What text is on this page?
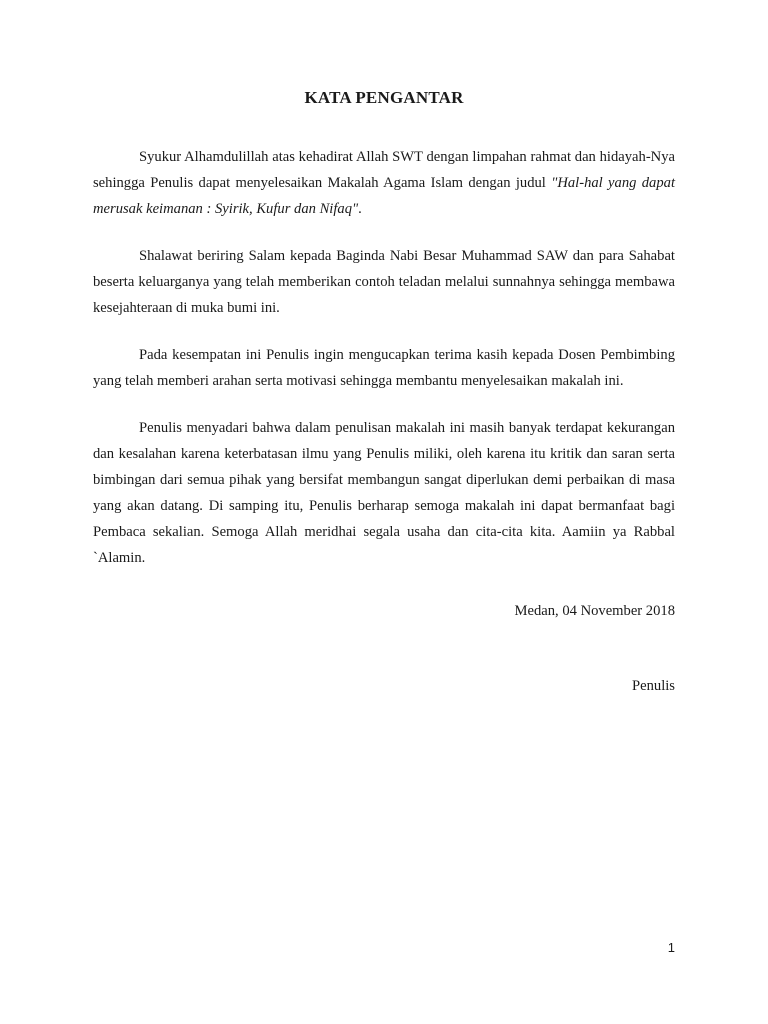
KATA PENGANTAR

Syukur Alhamdulillah atas kehadirat Allah SWT dengan limpahan rahmat dan hidayah-Nya sehingga Penulis dapat menyelesaikan Makalah Agama Islam dengan judul "Hal-hal yang dapat merusak keimanan : Syirik, Kufur dan Nifaq".

Shalawat beriring Salam kepada Baginda Nabi Besar Muhammad SAW dan para Sahabat beserta keluarganya yang telah memberikan contoh teladan melalui sunnahnya sehingga membawa kesejahteraan di muka bumi ini.

Pada kesempatan ini Penulis ingin mengucapkan terima kasih kepada Dosen Pembimbing yang telah memberi arahan serta motivasi sehingga membantu menyelesaikan makalah ini.

Penulis menyadari bahwa dalam penulisan makalah ini masih banyak terdapat kekurangan dan kesalahan karena keterbatasan ilmu yang Penulis miliki, oleh karena itu kritik dan saran serta bimbingan dari semua pihak yang bersifat membangun sangat diperlukan demi perbaikan di masa yang akan datang. Di samping itu, Penulis berharap semoga makalah ini dapat bermanfaat bagi Pembaca sekalian. Semoga Allah meridhai segala usaha dan cita-cita kita. Aamiin ya Rabbal `Alamin.

Medan, 04 November 2018
Penulis
1
